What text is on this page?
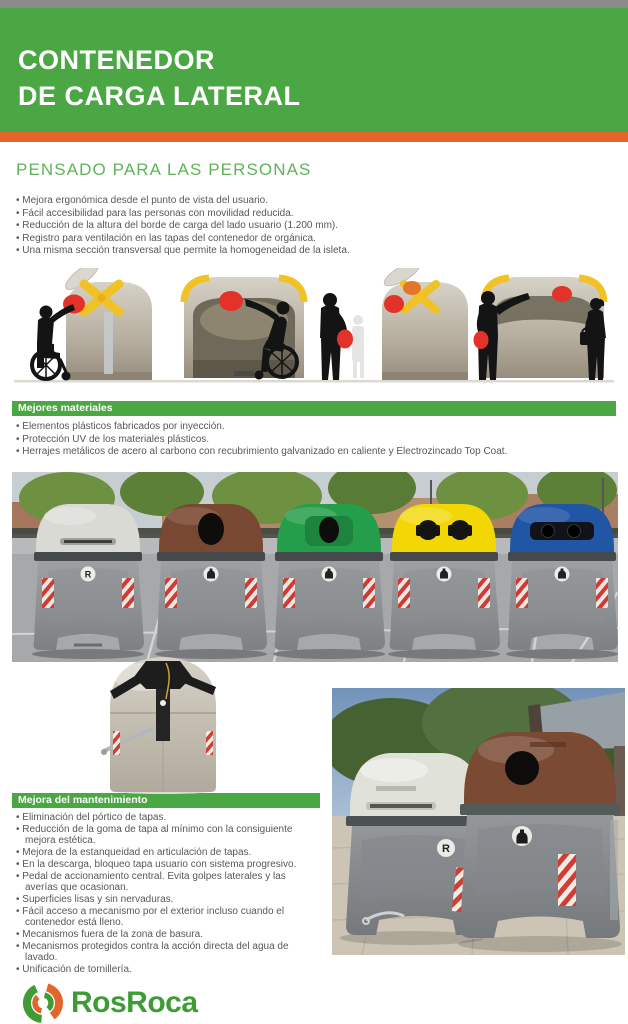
CONTENEDOR
DE CARGA LATERAL
PENSADO PARA LAS PERSONAS
• Mejora ergonómica desde el punto de vista del usuario.
• Fácil accesibilidad para las personas con movilidad reducida.
• Reducción de la altura del borde de carga del lado usuario (1.200 mm).
• Registro para ventilación en las tapas del contenedor de orgánica.
• Una misma sección transversal que permite la homogeneidad de la isleta.
Mejores materiales
• Elementos plásticos fabricados por inyección.
• Protección UV de los materiales plásticos.
• Herrajes metálicos de acero al carbono con recubrimiento galvanizado en caliente y Electrozincado Top Coat.
R
Mejora del mantenimiento
• Eliminación del pórtico de tapas.
• Reducción de la goma de tapa al mínimo con la consiguiente mejora estética.
• Mejora de la estanqueidad en articulación de tapas.
• En la descarga, bloqueo tapa usuario con sistema progresivo.
• Pedal de accionamiento central. Evita golpes laterales y las averías que ocasionan.
• Superficies lisas y sin nervaduras.
• Fácil acceso a mecanismo por el exterior incluso cuando el contenedor está lleno.
• Mecanismos fuera de la zona de basura.
• Mecanismos protegidos contra la acción directa del agua de lavado.
• Unificación de tornillería.
R
RosRoca
